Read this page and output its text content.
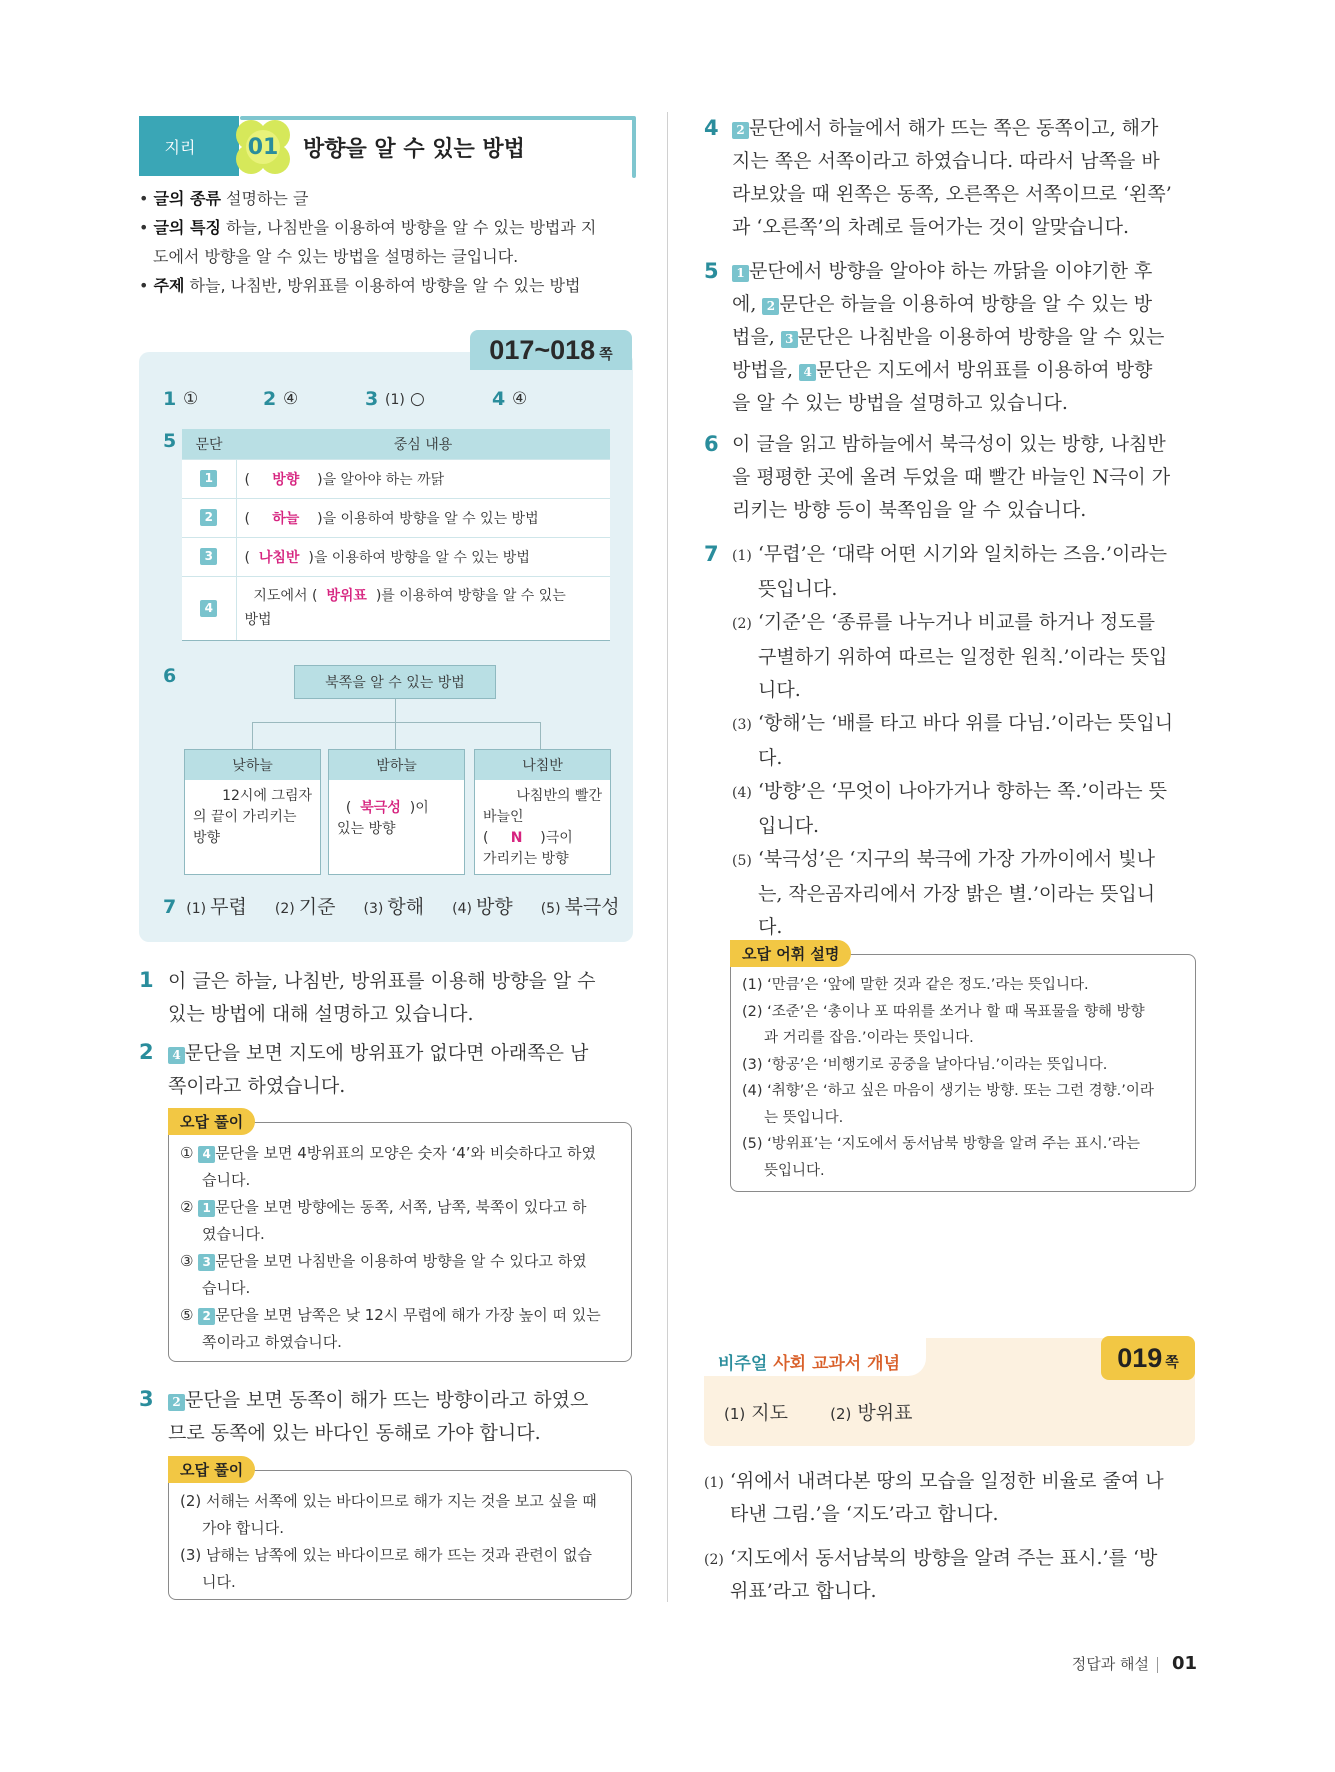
지리	01	방향을 알 수 있는 방법
• 글의 종류 설명하는 글
• 글의 특징 하늘, 나침반을 이용하여 방향을 알 수 있는 방법과 지
도에서 방향을 알 수 있는 방법을 설명하는 글입니다.
• 주제 하늘, 나침반, 방위표를 이용하여 방향을 알 수 있는 방법
017~018 쪽
1 ①	2 ④	3 (1) ○	4 ④
5 문단	중심 내용
1	( 방향 )을 알아야 하는 까닭
2	( 하늘 )을 이용하여 방향을 알 수 있는 방법
3	( 나침반 )을 이용하여 방향을 알 수 있는 방법
4	지도에서 ( 방위표 )를 이용하여 방향을 알 수 있는
방법
6	북쪽을 알 수 있는 방법
낮하늘
12시에 그림자
의 끝이 가리키는
방향
밤하늘
( 북극성 )이
있는 방향
나침반
나침반의 빨간
바늘인
( N )극이
가리키는 방향
7 (1) 무렵 (2) 기준 (3) 항해 (4) 방향 (5) 북극성
1 이 글은 하늘, 나침반, 방위표를 이용해 방향을 알 수
있는 방법에 대해 설명하고 있습니다.
2	4 문단을 보면 지도에 방위표가 없다면 아래쪽은 남
쪽이라고 하였습니다.
오답 풀이
① 4 문단을 보면 4방위표의 모양은 숫자 ‘4’와 비슷하다고 하였
습니다.
② 1 문단을 보면 방향에는 동쪽, 서쪽, 남쪽, 북쪽이 있다고 하
였습니다.
③ 3 문단을 보면 나침반을 이용하여 방향을 알 수 있다고 하였
습니다.
⑤ 2 문단을 보면 남쪽은 낮 12시 무렵에 해가 가장 높이 떠 있는
쪽이라고 하였습니다.
3	2 문단을 보면 동쪽이 해가 뜨는 방향이라고 하였으
므로 동쪽에 있는 바다인 동해로 가야 합니다.
오답 풀이
(2) 서해는 서쪽에 있는 바다이므로 해가 지는 것을 보고 싶을 때
가야 합니다.
(3) 남해는 남쪽에 있는 바다이므로 해가 뜨는 것과 관련이 없습
니다.
4	2 문단에서 하늘에서 해가 뜨는 쪽은 동쪽이고, 해가
지는 쪽은 서쪽이라고 하였습니다. 따라서 남쪽을 바
라보았을 때 왼쪽은 동쪽, 오른쪽은 서쪽이므로 ‘왼쪽’
과 ‘오른쪽’의 차례로 들어가는 것이 알맞습니다.
5	1 문단에서 방향을 알아야 하는 까닭을 이야기한 후
에, 2 문단은 하늘을 이용하여 방향을 알 수 있는 방
법을, 3 문단은 나침반을 이용하여 방향을 알 수 있는
방법을, 4 문단은 지도에서 방위표를 이용하여 방향
을 알 수 있는 방법을 설명하고 있습니다.
6 이 글을 읽고 밤하늘에서 북극성이 있는 방향, 나침반
을 평평한 곳에 올려 두었을 때 빨간 바늘인 N극이 가
리키는 방향 등이 북쪽임을 알 수 있습니다.
7 (1) ‘무렵’은 ‘대략 어떤 시기와 일치하는 즈음.’이라는
뜻입니다.
(2) ‘기준’은 ‘종류를 나누거나 비교를 하거나 정도를
구별하기 위하여 따르는 일정한 원칙.’이라는 뜻입
니다.
(3) ‘항해’는 ‘배를 타고 바다 위를 다님.’이라는 뜻입니
다.
(4) ‘방향’은 ‘무엇이 나아가거나 향하는 쪽.’이라는 뜻
입니다.
(5) ‘북극성’은 ‘지구의 북극에 가장 가까이에서 빛나
는, 작은곰자리에서 가장 밝은 별.’이라는 뜻입니
다.
오답 어휘 설명
(1) ‘만큼’은 ‘앞에 말한 것과 같은 정도.’라는 뜻입니다.
(2) ‘조준’은 ‘총이나 포 따위를 쏘거나 할 때 목표물을 향해 방향
과 거리를 잡음.’이라는 뜻입니다.
(3) ‘항공’은 ‘비행기로 공중을 날아다님.’이라는 뜻입니다.
(4) ‘취향’은 ‘하고 싶은 마음이 생기는 방향. 또는 그런 경향.’이라
는 뜻입니다.
(5) ‘방위표’는 ‘지도에서 동서남북 방향을 알려 주는 표시.’라는
뜻입니다.
비주얼 사회 교과서 개념	019 쪽
(1) 지도	(2) 방위표
(1) ‘위에서 내려다본 땅의 모습을 일정한 비율로 줄여 나
타낸 그림.’을 ‘지도’라고 합니다.
(2) ‘지도에서 동서남북의 방향을 알려 주는 표시.’를 ‘방
위표’라고 합니다.
정답과 해설 01
